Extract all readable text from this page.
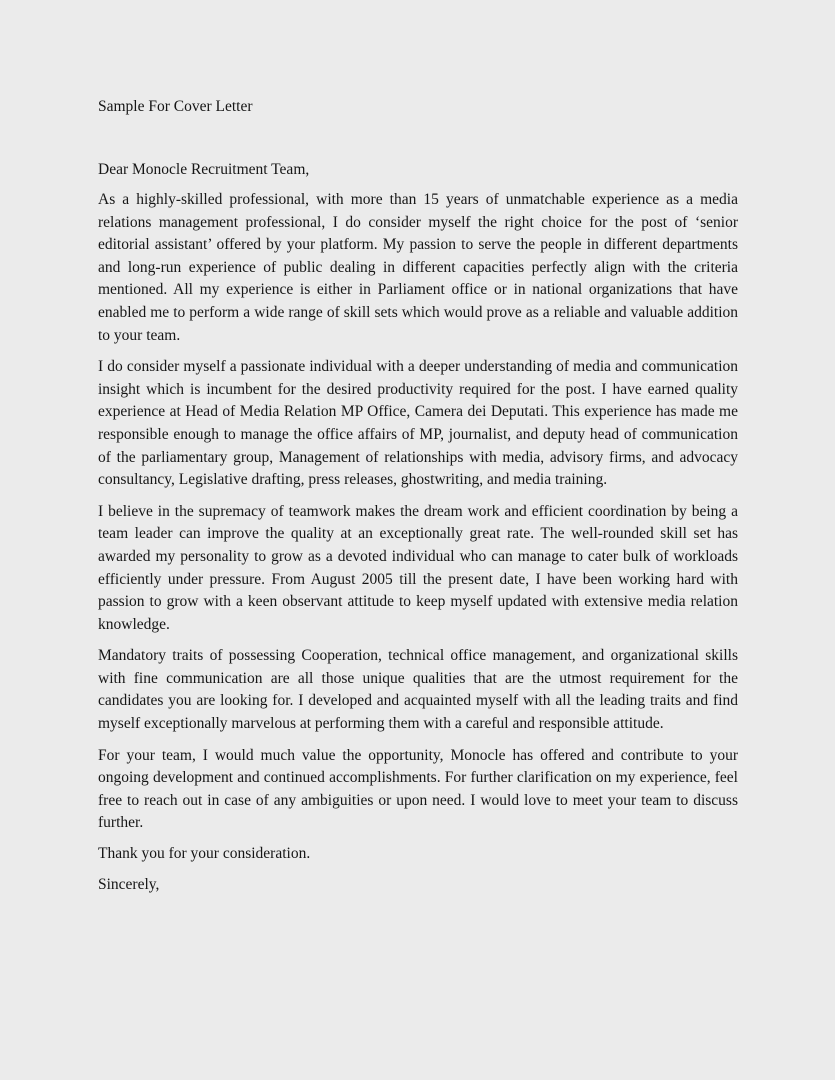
Sample For Cover Letter
Dear Monocle Recruitment Team,

As a highly-skilled professional, with more than 15 years of unmatchable experience as a media relations management professional, I do consider myself the right choice for the post of ‘senior editorial assistant’ offered by your platform. My passion to serve the people in different departments and long-run experience of public dealing in different capacities perfectly align with the criteria mentioned. All my experience is either in Parliament office or in national organizations that have enabled me to perform a wide range of skill sets which would prove as a reliable and valuable addition to your team.

I do consider myself a passionate individual with a deeper understanding of media and communication insight which is incumbent for the desired productivity required for the post. I have earned quality experience at Head of Media Relation MP Office, Camera dei Deputati. This experience has made me responsible enough to manage the office affairs of MP, journalist, and deputy head of communication of the parliamentary group, Management of relationships with media, advisory firms, and advocacy consultancy, Legislative drafting, press releases, ghostwriting, and media training.

I believe in the supremacy of teamwork makes the dream work and efficient coordination by being a team leader can improve the quality at an exceptionally great rate. The well-rounded skill set has awarded my personality to grow as a devoted individual who can manage to cater bulk of workloads efficiently under pressure. From August 2005 till the present date, I have been working hard with passion to grow with a keen observant attitude to keep myself updated with extensive media relation knowledge.

Mandatory traits of possessing Cooperation, technical office management, and organizational skills with fine communication are all those unique qualities that are the utmost requirement for the candidates you are looking for. I developed and acquainted myself with all the leading traits and find myself exceptionally marvelous at performing them with a careful and responsible attitude.

For your team, I would much value the opportunity, Monocle has offered and contribute to your ongoing development and continued accomplishments. For further clarification on my experience, feel free to reach out in case of any ambiguities or upon need. I would love to meet your team to discuss further.

Thank you for your consideration.
Sincerely,
